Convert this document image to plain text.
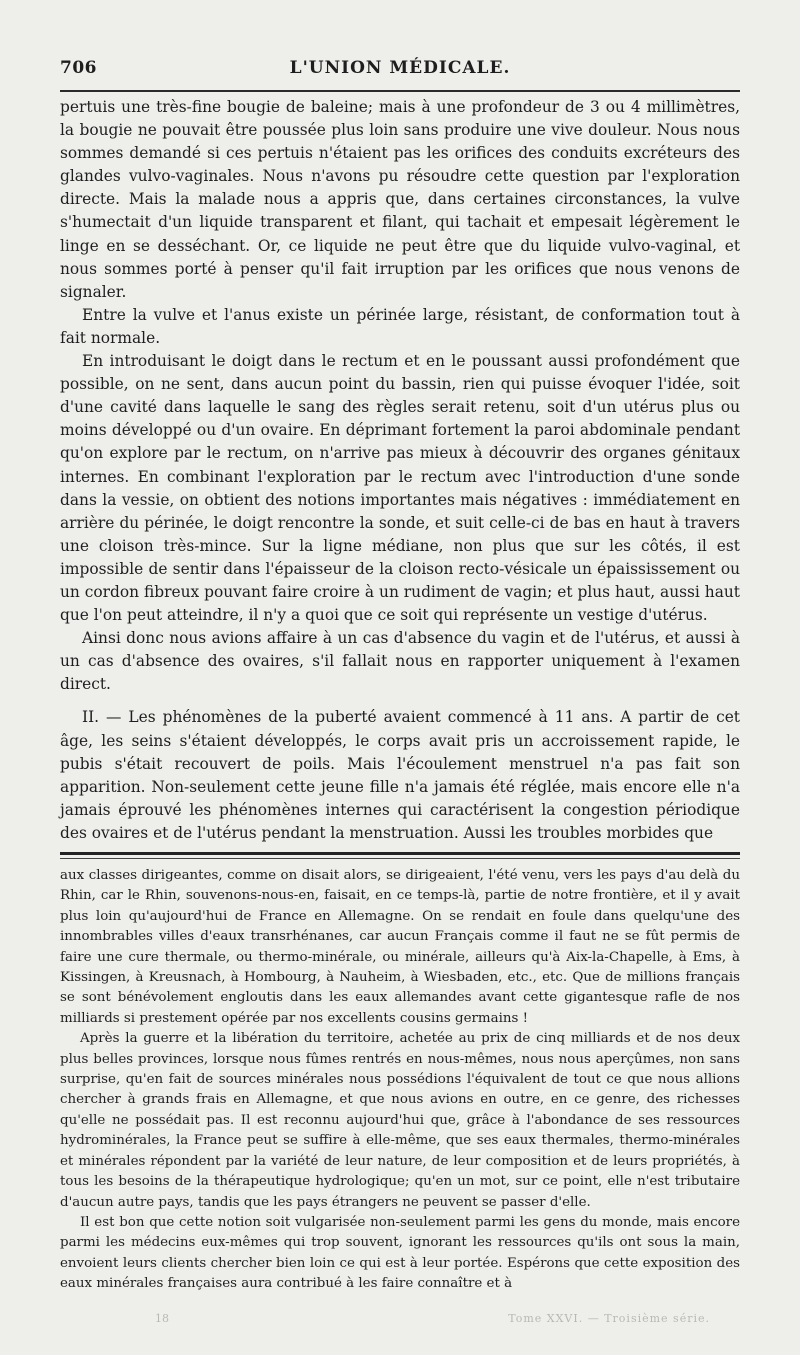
706	L'UNION MÉDICALE.

pertuis une très-fine bougie de baleine; mais à une profondeur de 3 ou 4 millimètres, la bougie ne pouvait être poussée plus loin sans produire une vive douleur. Nous nous sommes demandé si ces pertuis n'étaient pas les orifices des conduits excréteurs des glandes vulvo-vaginales. Nous n'avons pu résoudre cette question par l'exploration directe. Mais la malade nous a appris que, dans certaines circonstances, la vulve s'humectait d'un liquide transparent et filant, qui tachait et empesait légèrement le linge en se desséchant. Or, ce liquide ne peut être que du liquide vulvo-vaginal, et nous sommes porté à penser qu'il fait irruption par les orifices que nous venons de signaler.

Entre la vulve et l'anus existe un périnée large, résistant, de conformation tout à fait normale.

En introduisant le doigt dans le rectum et en le poussant aussi profondément que possible, on ne sent, dans aucun point du bassin, rien qui puisse évoquer l'idée, soit d'une cavité dans laquelle le sang des règles serait retenu, soit d'un utérus plus ou moins développé ou d'un ovaire. En déprimant fortement la paroi abdominale pendant qu'on explore par le rectum, on n'arrive pas mieux à découvrir des organes génitaux internes. En combinant l'exploration par le rectum avec l'introduction d'une sonde dans la vessie, on obtient des notions importantes mais négatives : immédiatement en arrière du périnée, le doigt rencontre la sonde, et suit celle-ci de bas en haut à travers une cloison très-mince. Sur la ligne médiane, non plus que sur les côtés, il est impossible de sentir dans l'épaisseur de la cloison recto-vésicale un épaississement ou un cordon fibreux pouvant faire croire à un rudiment de vagin; et plus haut, aussi haut que l'on peut atteindre, il n'y a quoi que ce soit qui représente un vestige d'utérus.

Ainsi donc nous avions affaire à un cas d'absence du vagin et de l'utérus, et aussi à un cas d'absence des ovaires, s'il fallait nous en rapporter uniquement à l'examen direct.

II. — Les phénomènes de la puberté avaient commencé à 11 ans. A partir de cet âge, les seins s'étaient développés, le corps avait pris un accroissement rapide, le pubis s'était recouvert de poils. Mais l'écoulement menstruel n'a pas fait son apparition. Non-seulement cette jeune fille n'a jamais été réglée, mais encore elle n'a jamais éprouvé les phénomènes internes qui caractérisent la congestion périodique des ovaires et de l'utérus pendant la menstruation. Aussi les troubles morbides que

aux classes dirigeantes, comme on disait alors, se dirigeaient, l'été venu, vers les pays d'au delà du Rhin, car le Rhin, souvenons-nous-en, faisait, en ce temps-là, partie de notre frontière, et il y avait plus loin qu'aujourd'hui de France en Allemagne. On se rendait en foule dans quelqu'une des innombrables villes d'eaux transrhénanes, car aucun Français comme il faut ne se fût permis de faire une cure thermale, ou thermo-minérale, ou minérale, ailleurs qu'à Aix-la-Chapelle, à Ems, à Kissingen, à Kreusnach, à Hombourg, à Nauheim, à Wiesbaden, etc., etc. Que de millions français se sont bénévolement engloutis dans les eaux allemandes avant cette gigantesque rafle de nos milliards si prestement opérée par nos excellents cousins germains !

Après la guerre et la libération du territoire, achetée au prix de cinq milliards et de nos deux plus belles provinces, lorsque nous fûmes rentrés en nous-mêmes, nous nous aperçûmes, non sans surprise, qu'en fait de sources minérales nous possédions l'équivalent de tout ce que nous allions chercher à grands frais en Allemagne, et que nous avions en outre, en ce genre, des richesses qu'elle ne possédait pas. Il est reconnu aujourd'hui que, grâce à l'abondance de ses ressources hydrominérales, la France peut se suffire à elle-même, que ses eaux thermales, thermo-minérales et minérales répondent par la variété de leur nature, de leur composition et de leurs propriétés, à tous les besoins de la thérapeutique hydrologique; qu'en un mot, sur ce point, elle n'est tributaire d'aucun autre pays, tandis que les pays étrangers ne peuvent se passer d'elle.

Il est bon que cette notion soit vulgarisée non-seulement parmi les gens du monde, mais encore parmi les médecins eux-mêmes qui trop souvent, ignorant les ressources qu'ils ont sous la main, envoient leurs clients chercher bien loin ce qui est à leur portée. Espérons que cette exposition des eaux minérales françaises aura contribué à les faire connaître et à

18	Tome XXVI. — Troisième série.
